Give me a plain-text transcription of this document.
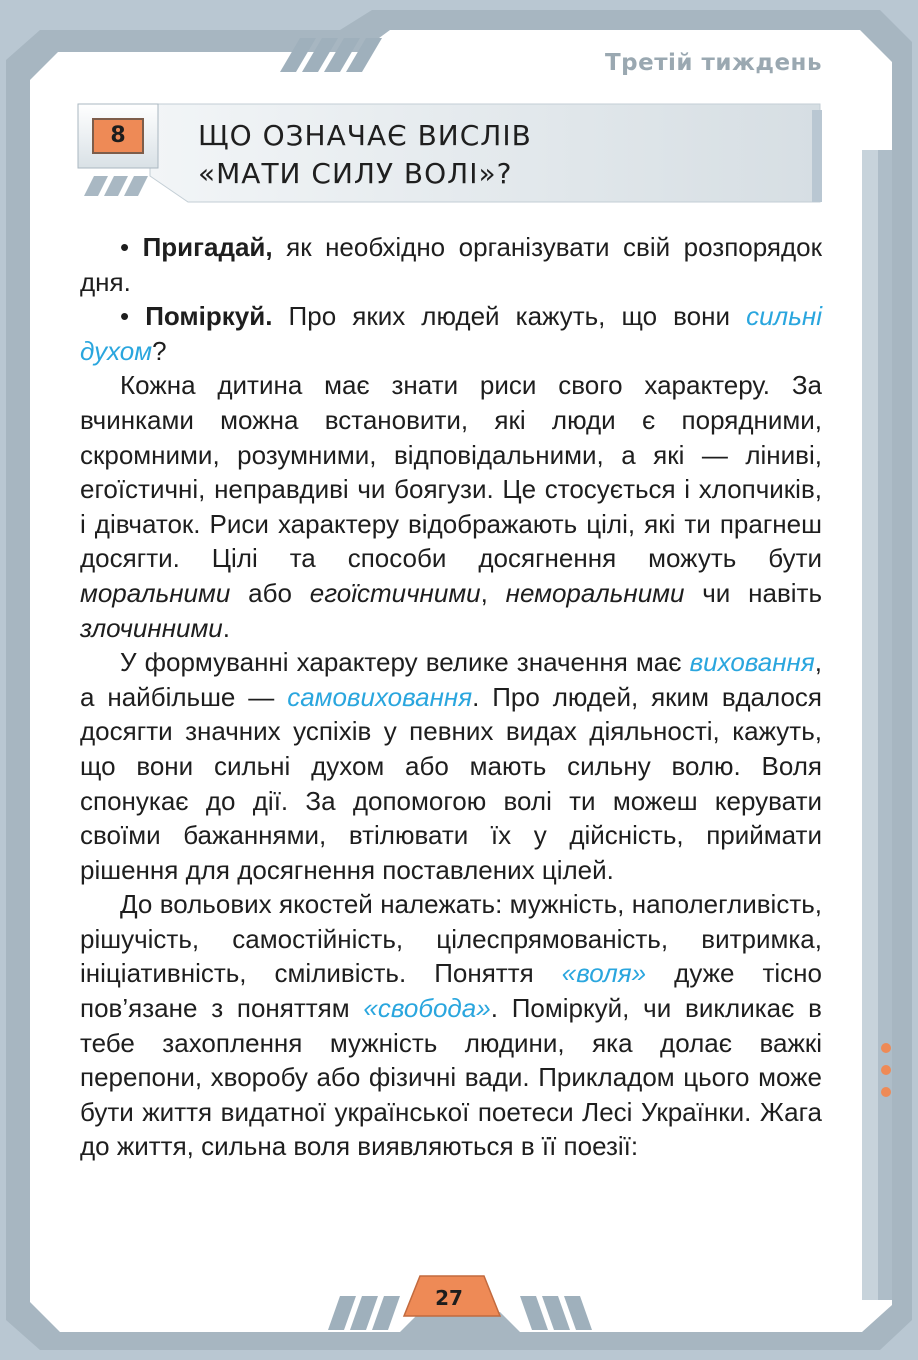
Третій тиждень
8	ЩО ОЗНАЧАЄ ВИСЛІВ
«МАТИ СИЛУ ВОЛІ»?

• Пригадай, як необхідно організувати свій розпорядок дня.

• Поміркуй. Про яких людей кажуть, що вони сильні духом?

Кожна дитина має знати риси свого характеру. За вчинками можна встановити, які люди є порядними, скромними, розумними, відповідальними, а які — ліниві, егоїстичні, неправдиві чи боягузи. Це стосується і хлопчиків, і дівчаток. Риси характеру відображають цілі, які ти прагнеш досягти. Цілі та способи досягнення можуть бути моральними або егоїстичними, неморальними чи навіть злочинними.

У формуванні характеру велике значення має виховання, а найбільше — самовиховання. Про людей, яким вдалося досягти значних успіхів у певних видах діяльності, кажуть, що вони сильні духом або мають сильну волю. Воля спонукає до дії. За допомогою волі ти можеш керувати своїми бажаннями, втілювати їх у дійсність, приймати рішення для досягнення поставлених цілей.

До вольових якостей належать: мужність, наполегливість, рішучість, самостійність, цілеспрямованість, витримка, ініціативність, сміливість. Поняття «воля» дуже тісно пов’язане з поняттям «свобода». Поміркуй, чи викликає в тебе захоплення мужність людини, яка долає важкі перепони, хворобу або фізичні вади. Прикладом цього може бути життя видатної української поетеси Лесі Українки. Жага до життя, сильна воля виявляються в її поезії:

27
